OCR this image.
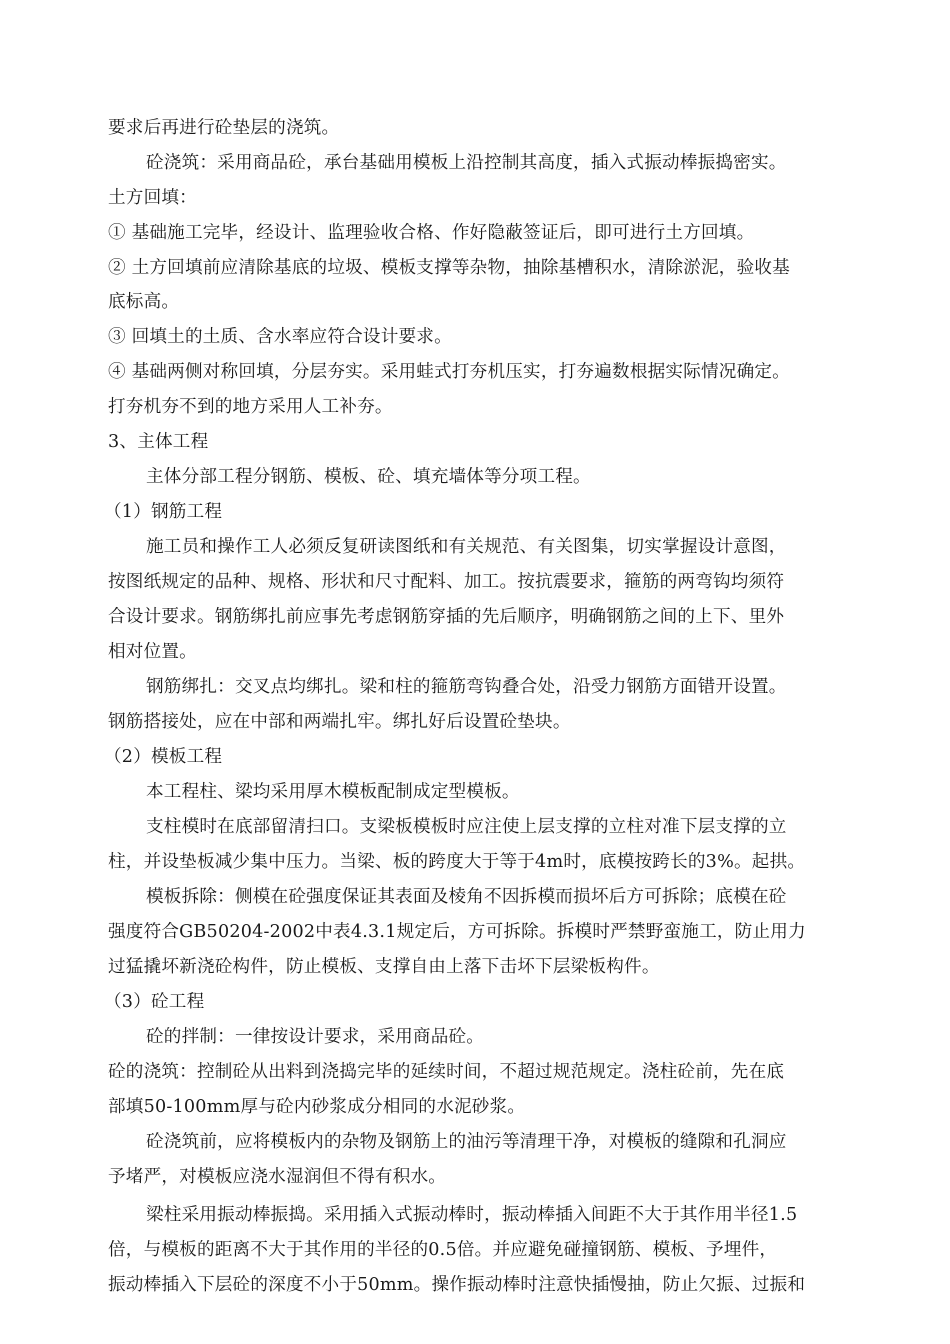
要求后再进行砼垫层的浇筑。
砼浇筑：采用商品砼，承台基础用模板上沿控制其高度，插入式振动棒振捣密实。
土方回填：
① 基础施工完毕，经设计、监理验收合格、作好隐蔽签证后，即可进行土方回填。
② 土方回填前应清除基底的垃圾、模板支撑等杂物，抽除基槽积水，清除淤泥，验收基
底标高。
③ 回填土的土质、含水率应符合设计要求。
④ 基础两侧对称回填，分层夯实。采用蛙式打夯机压实，打夯遍数根据实际情况确定。
打夯机夯不到的地方采用人工补夯。
3、主体工程
主体分部工程分钢筋、模板、砼、填充墙体等分项工程。
（1）钢筋工程
施工员和操作工人必须反复研读图纸和有关规范、有关图集，切实掌握设计意图，
按图纸规定的品种、规格、形状和尺寸配料、加工。按抗震要求，箍筋的两弯钩均须符
合设计要求。钢筋绑扎前应事先考虑钢筋穿插的先后顺序，明确钢筋之间的上下、里外
相对位置。
钢筋绑扎：交叉点均绑扎。梁和柱的箍筋弯钩叠合处，沿受力钢筋方面错开设置。
钢筋搭接处，应在中部和两端扎牢。绑扎好后设置砼垫块。
（2）模板工程
本工程柱、梁均采用厚木模板配制成定型模板。
支柱模时在底部留清扫口。支梁板模板时应注使上层支撑的立柱对准下层支撑的立
柱，并设垫板减少集中压力。当梁、板的跨度大于等于4m时，底模按跨长的3%。起拱。
模板拆除：侧模在砼强度保证其表面及棱角不因拆模而损坏后方可拆除；底模在砼
强度符合GB50204-2002中表4.3.1规定后，方可拆除。拆模时严禁野蛮施工，防止用力
过猛撬坏新浇砼构件，防止模板、支撑自由上落下击坏下层梁板构件。
（3）砼工程
砼的拌制：一律按设计要求，采用商品砼。
砼的浇筑：控制砼从出料到浇捣完毕的延续时间，不超过规范规定。浇柱砼前，先在底
部填50-100mm厚与砼内砂浆成分相同的水泥砂浆。
砼浇筑前，应将模板内的杂物及钢筋上的油污等清理干净，对模板的缝隙和孔洞应
予堵严，对模板应浇水湿润但不得有积水。
梁柱采用振动棒振捣。采用插入式振动棒时，振动棒插入间距不大于其作用半径1.5
倍，与模板的距离不大于其作用的半径的0.5倍。并应避免碰撞钢筋、模板、予埋件，
振动棒插入下层砼的深度不小于50mm。操作振动棒时注意快插慢抽，防止欠振、过振和
